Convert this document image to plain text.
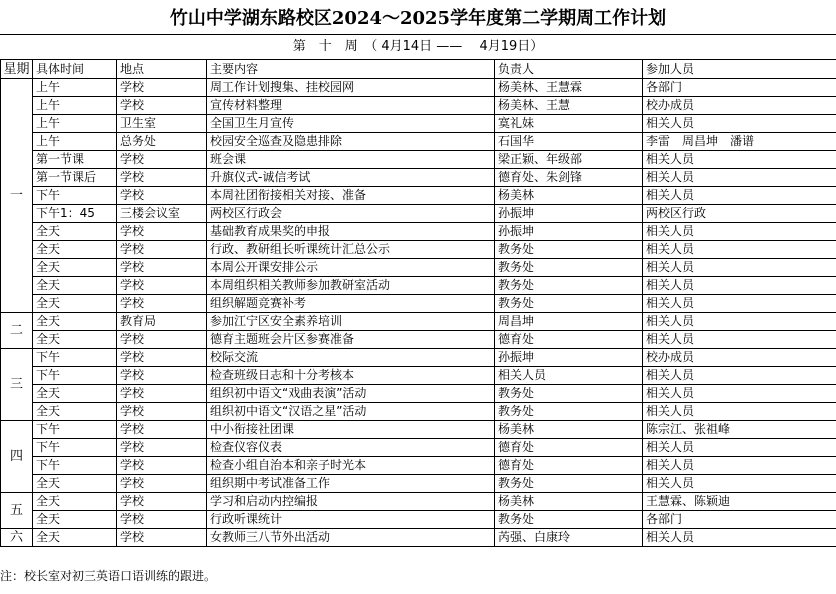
竹山中学湖东路校区2024～2025学年度第二学期周工作计划
第　十　周　（ 4月14日 —— 　4月19日）
星期	具体时间	地点	主要内容	负责人	参加人员
一	上午	学校	周工作计划搜集、挂校园网	杨美林、王慧霖	各部门
	上午	学校	宣传材料整理	杨美林、王慧	校办成员
	上午	卫生室	全国卫生月宣传	寞礼妹	相关人员
	上午	总务处	校园安全巡查及隐患排除	石国华	李雷　周昌坤　潘谱
	第一节课	学校	班会课	梁正颖、年级部	相关人员
	第一节课后	学校	升旗仪式-诚信考试	德育处、朱剑锋	相关人员
	下午	学校	本周社团衔接相关对接、准备	杨美林	相关人员
	下午1：45	三楼会议室	两校区行政会	孙振坤	两校区行政
	全天	学校	基础教育成果奖的申报	孙振坤	相关人员
	全天	学校	行政、教研组长听课统计汇总公示	教务处	相关人员
	全天	学校	本周公开课安排公示	教务处	相关人员
	全天	学校	本周组织相关教师参加教研室活动	教务处	相关人员
	全天	学校	组织解题竞赛补考	教务处	相关人员
二	全天	教育局	参加江宁区安全素养培训	周昌坤	相关人员
	全天	学校	德育主题班会片区参赛准备	德育处	相关人员
三	下午	学校	校际交流	孙振坤	校办成员
	下午	学校	检查班级日志和十分考核本	相关人员	相关人员
	全天	学校	组织初中语文“戏曲表演”活动	教务处	相关人员
	全天	学校	组织初中语文“汉语之星”活动	教务处	相关人员
四	下午	学校	中小衔接社团课	杨美林	陈宗江、张祖峰
	下午	学校	检查仪容仪表	德育处	相关人员
	下午	学校	检查小组自治本和亲子时光本	德育处	相关人员
	全天	学校	组织期中考试准备工作	教务处	相关人员
五	全天	学校	学习和启动内控编报	杨美林	王慧霖、陈颖迪
	全天	学校	行政听课统计	教务处	各部门
六	全天	学校	女教师三八节外出活动	芮强、白康玲	相关人员
注：校长室对初三英语口语训练的跟进。
